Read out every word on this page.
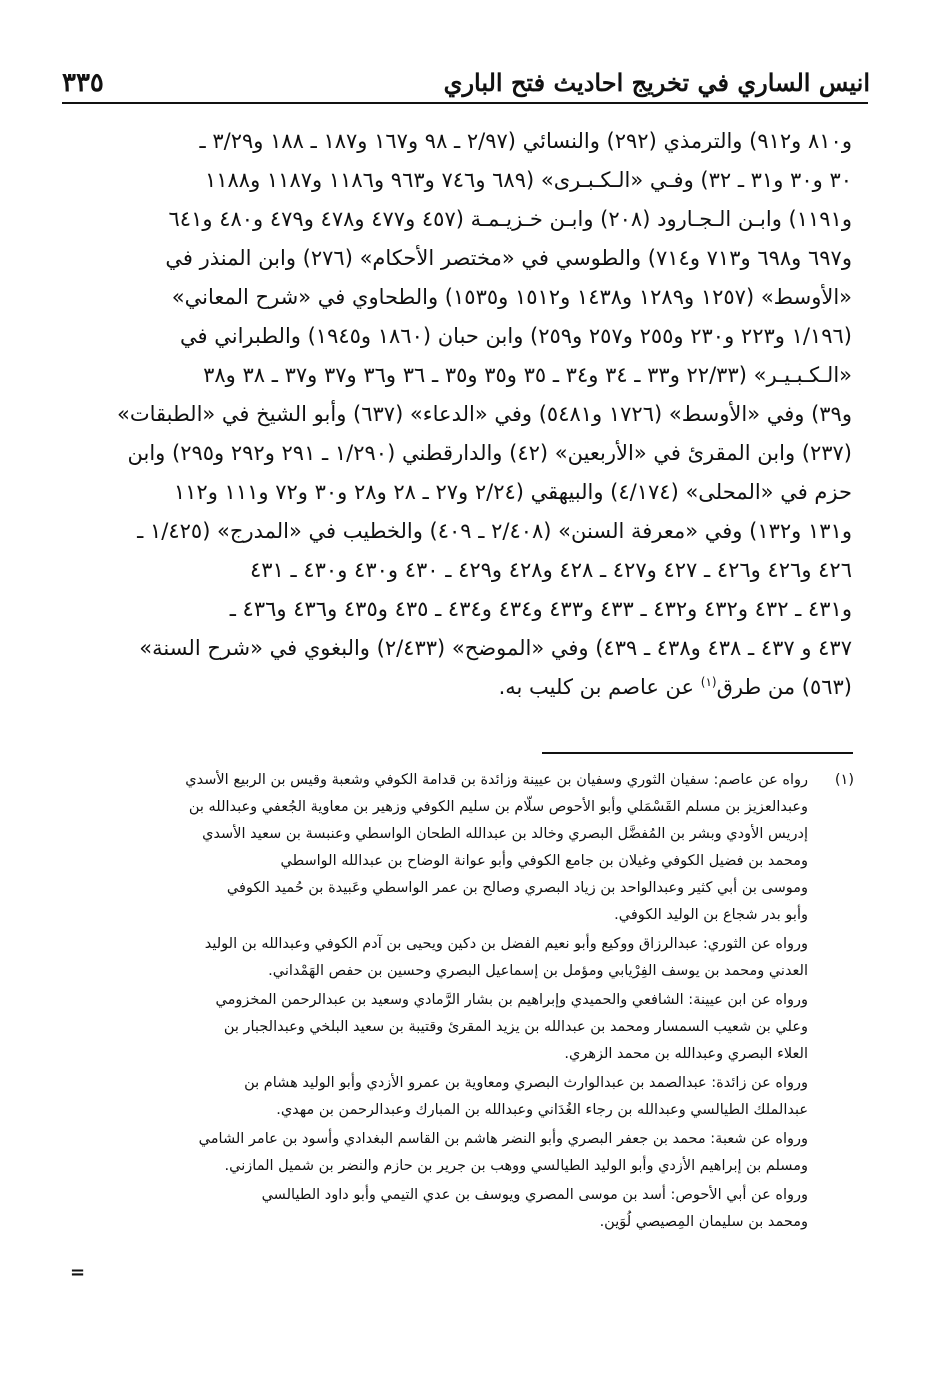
انيس الساري في تخريج احاديث فتح الباري
٣٣٥
و٨١٠ و٩١٢) والترمذي (٢٩٢) والنسائي (٢/٩٧ ـ ٩٨ و١٦٧ و١٨٧ ـ ١٨٨ و٣/٢٩ ـ
٣٠ و٣٠ و٣١ ـ ٣٢) وفـي «الـكـبـرى» (٦٨٩ و٧٤٦ و٩٦٣ و١١٨٦ و١١٨٧ و١١٨٨
و١١٩١) وابـن الـجـارود (٢٠٨) وابـن خـزيـمـة (٤٥٧ و٤٧٧ و٤٧٨ و٤٧٩ و٤٨٠ و٦٤١
و٦٩٧ و٦٩٨ و٧١٣ و٧١٤) والطوسي في «مختصر الأحكام» (٢٧٦) وابن المنذر في
«الأوسط» (١٢٥٧ و١٢٨٩ و١٤٣٨ و١٥١٢ و١٥٣٥) والطحاوي في «شرح المعاني»
(١/١٩٦ و٢٢٣ و٢٣٠ و٢٥٥ و٢٥٧ و٢٥٩) وابن حبان (١٨٦٠ و١٩٤٥) والطبراني في
«الـكـبـيـر» (٢٢/٣٣ و٣٣ ـ ٣٤ و٣٤ ـ ٣٥ و٣٥ و٣٥ ـ ٣٦ و٣٦ و٣٧ و٣٧ ـ ٣٨ و٣٨
و٣٩) وفي «الأوسط» (١٧٢٦ و٥٤٨١) وفي «الدعاء» (٦٣٧) وأبو الشيخ في «الطبقات»
(٢٣٧) وابن المقرئ في «الأربعين» (٤٢) والدارقطني (١/٢٩٠ ـ ٢٩١ و٢٩٢ و٢٩٥) وابن
حزم في «المحلى» (٤/١٧٤) والبيهقي (٢/٢٤ و٢٧ ـ ٢٨ و٢٨ و٣٠ و٧٢ و١١١ و١١٢
و١٣١ و١٣٢) وفي «معرفة السنن» (٢/٤٠٨ ـ ٤٠٩) والخطيب في «المدرج» (١/٤٢٥ ـ
٤٢٦ و٤٢٦ و٤٢٦ ـ ٤٢٧ و٤٢٧ ـ ٤٢٨ و٤٢٨ و٤٢٩ ـ ٤٣٠ و٤٣٠ و٤٣٠ ـ ٤٣١
و٤٣١ ـ ٤٣٢ و٤٣٢ و٤٣٢ ـ ٤٣٣ و٤٣٣ و٤٣٤ و٤٣٤ ـ ٤٣٥ و٤٣٥ و٤٣٦ و٤٣٦ ـ
٤٣٧ و ٤٣٧ ـ ٤٣٨ و٤٣٨ ـ ٤٣٩) وفي «الموضح» (٢/٤٣٣) والبغوي في «شرح السنة»
(٥٦٣) من طرق$^{(١)}$ عن عاصم بن كليب به.
(١)رواه عن عاصم: سفيان الثوري وسفيان بن عيينة وزائدة بن قدامة الكوفي وشعبة وقيس بن الربيع الأسدي
وعبدالعزيز بن مسلم القَسْمَلي وأبو الأحوص سلّام بن سليم الكوفي وزهير بن معاوية الجُعفي وعبدالله بن
إدريس الأودي وبشر بن المُفضَّل البصري وخالد بن عبدالله الطحان الواسطي وعنبسة بن سعيد الأسدي
ومحمد بن فضيل الكوفي وغيلان بن جامع الكوفي وأبو عوانة الوضاح بن عبدالله الواسطي
وموسى بن أبي كثير وعبدالواحد بن زياد البصري وصالح بن عمر الواسطي وعَبيدة بن حُميد الكوفي
وأبو بدر شجاع بن الوليد الكوفي.
ورواه عن الثوري: عبدالرزاق ووكيع وأبو نعيم الفضل بن دكين ويحيى بن آدم الكوفي وعبدالله بن الوليد
العدني ومحمد بن يوسف الفِرْيابي ومؤمل بن إسماعيل البصري وحسين بن حفص الهَمْداني.
ورواه عن ابن عيينة: الشافعي والحميدي وإبراهيم بن بشار الرَّمادي وسعيد بن عبدالرحمن المخزومي
وعلي بن شعيب السمسار ومحمد بن عبدالله بن يزيد المقرئ وقتيبة بن سعيد البلخي وعبدالجبار بن
العلاء البصري وعبدالله بن محمد الزهري.
ورواه عن زائدة: عبدالصمد بن عبدالوارث البصري ومعاوية بن عمرو الأزدي وأبو الوليد هشام بن
عبدالملك الطيالسي وعبدالله بن رجاء الغُدَاني وعبدالله بن المبارك وعبدالرحمن بن مهدي.
ورواه عن شعبة: محمد بن جعفر البصري وأبو النضر هاشم بن القاسم البغدادي وأسود بن عامر الشامي
ومسلم بن إبراهيم الأزدي وأبو الوليد الطيالسي ووهب بن جرير بن حازم والنضر بن شميل المازني.
ورواه عن أبي الأحوص: أسد بن موسى المصري ويوسف بن عدي التيمي وأبو داود الطيالسي
ومحمد بن سليمان المِصيصي لُوَين.
=
